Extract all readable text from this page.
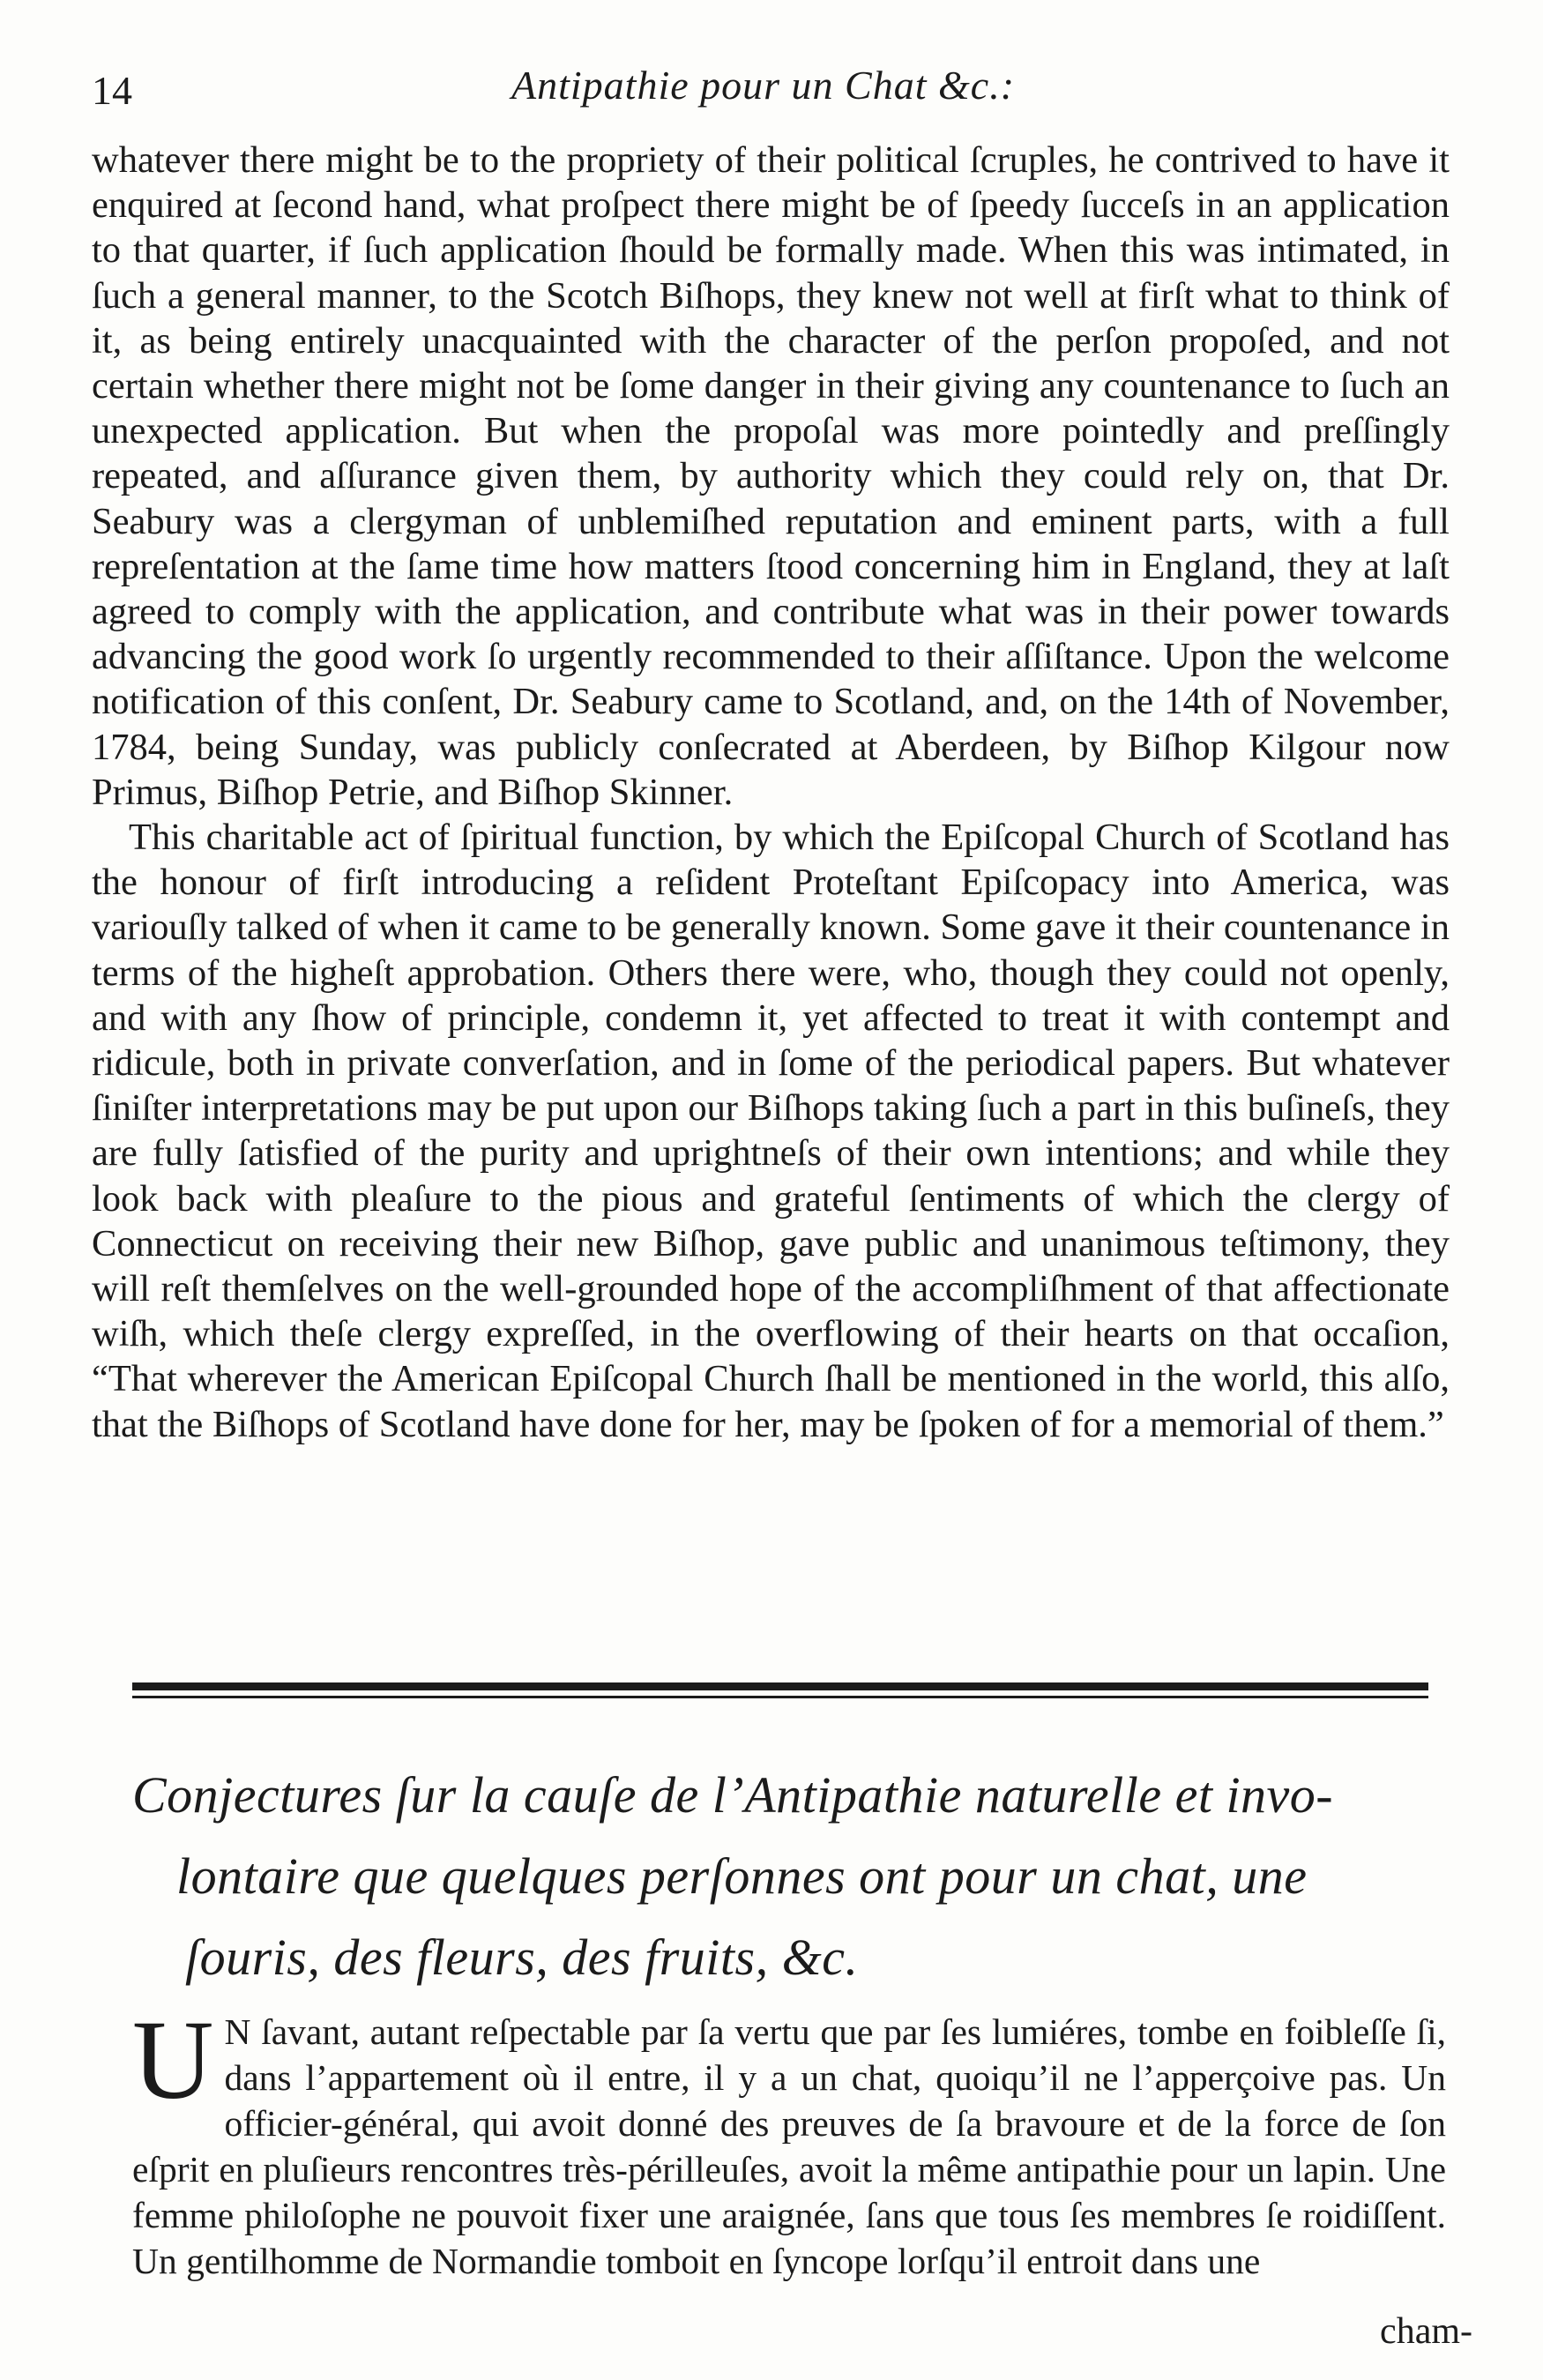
14	Antipathie pour un Chat &c.:

whatever there might be to the propriety of their political ſcruples, he contrived to have it enquired at ſecond hand, what proſpect there might be of ſpeedy ſucceſs in an application to that quarter, if ſuch application ſhould be formally made. When this was intimated, in ſuch a general manner, to the Scotch Biſhops, they knew not well at firſt what to think of it, as being entirely unacquainted with the character of the perſon propoſed, and not certain whether there might not be ſome danger in their giving any countenance to ſuch an unexpected application. But when the propoſal was more pointedly and preſſingly repeated, and aſſurance given them, by authority which they could rely on, that Dr. Seabury was a clergyman of unblemiſhed reputation and eminent parts, with a full repreſentation at the ſame time how matters ſtood concerning him in England, they at laſt agreed to comply with the application, and contribute what was in their power towards advancing the good work ſo urgently recommended to their aſſiſtance. Upon the welcome notification of this conſent, Dr. Seabury came to Scotland, and, on the 14th of November, 1784, being Sunday, was publicly conſecrated at Aberdeen, by Biſhop Kilgour now Primus, Biſhop Petrie, and Biſhop Skinner.

This charitable act of ſpiritual function, by which the Epiſcopal Church of Scotland has the honour of firſt introducing a reſident Proteſtant Epiſcopacy into America, was variouſly talked of when it came to be generally known. Some gave it their countenance in terms of the higheſt approbation. Others there were, who, though they could not openly, and with any ſhow of principle, condemn it, yet affected to treat it with contempt and ridicule, both in private converſation, and in ſome of the periodical papers. But whatever ſiniſter interpretations may be put upon our Biſhops taking ſuch a part in this buſineſs, they are fully ſatisfied of the purity and uprightneſs of their own intentions; and while they look back with pleaſure to the pious and grateful ſentiments of which the clergy of Connecticut on receiving their new Biſhop, gave public and unanimous teſtimony, they will reſt themſelves on the well-grounded hope of the accompliſhment of that affectionate wiſh, which theſe clergy expreſſed, in the overflowing of their hearts on that occaſion, “That wherever the American Epiſcopal Church ſhall be mentioned in the world, this alſo, that the Biſhops of Scotland have done for her, may be ſpoken of for a memorial of them.”

Conjectures ſur la cauſe de l’Antipathie naturelle et invo-
lontaire que quelques perſonnes ont pour un chat, une
ſouris, des fleurs, des fruits, &c.
U N ſavant, autant reſpectable par ſa vertu que par ſes lumiéres, tombe en foibleſſe ſi, dans l’appartement où il entre, il y a un chat, quoiqu’il ne l’apperçoive pas. Un officier-général, qui avoit donné des preuves de ſa bravoure et de la force de ſon eſprit en pluſieurs rencontres très-périlleuſes, avoit la même antipathie pour un lapin. Une femme philoſophe ne pouvoit fixer une araignée, ſans que tous ſes membres ſe roidiſſent. Un gentilhomme de Normandie tomboit en ſyncope lorſqu’il entroit dans une
cham-
